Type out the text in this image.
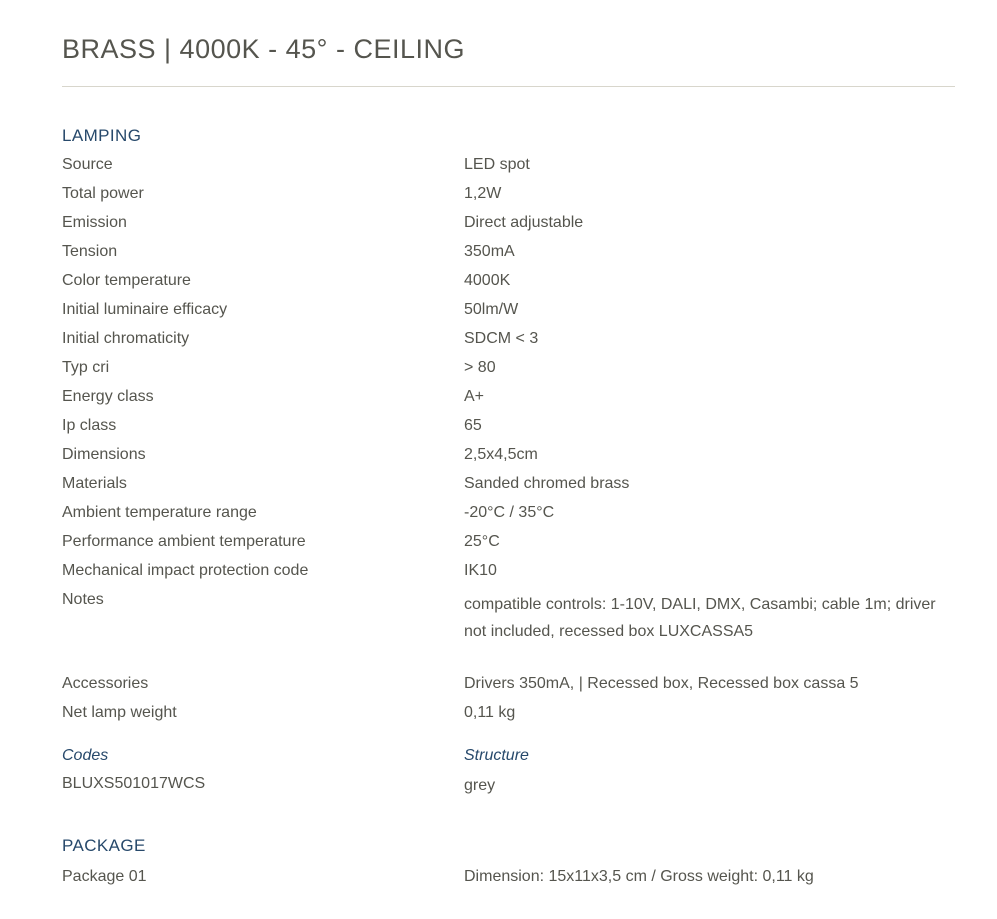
BRASS | 4000K - 45° - CEILING
LAMPING
Source	LED spot
Total power	1,2W
Emission	Direct adjustable
Tension	350mA
Color temperature	4000K
Initial luminaire efficacy	50lm/W
Initial chromaticity	SDCM < 3
Typ cri	> 80
Energy class	A+
Ip class	65
Dimensions	2,5x4,5cm
Materials	Sanded chromed brass
Ambient temperature range	-20°C / 35°C
Performance ambient temperature	25°C
Mechanical impact protection code	IK10
Notes	compatible controls: 1-10V, DALI, DMX, Casambi; cable 1m; driver not included, recessed box LUXCASSA5
Accessories	Drivers 350mA, | Recessed box, Recessed box cassa 5
Net lamp weight	0,11 kg
Codes	Structure
BLUXS501017WCS	grey
PACKAGE
Package 01	Dimension: 15x11x3,5 cm / Gross weight: 0,11 kg
